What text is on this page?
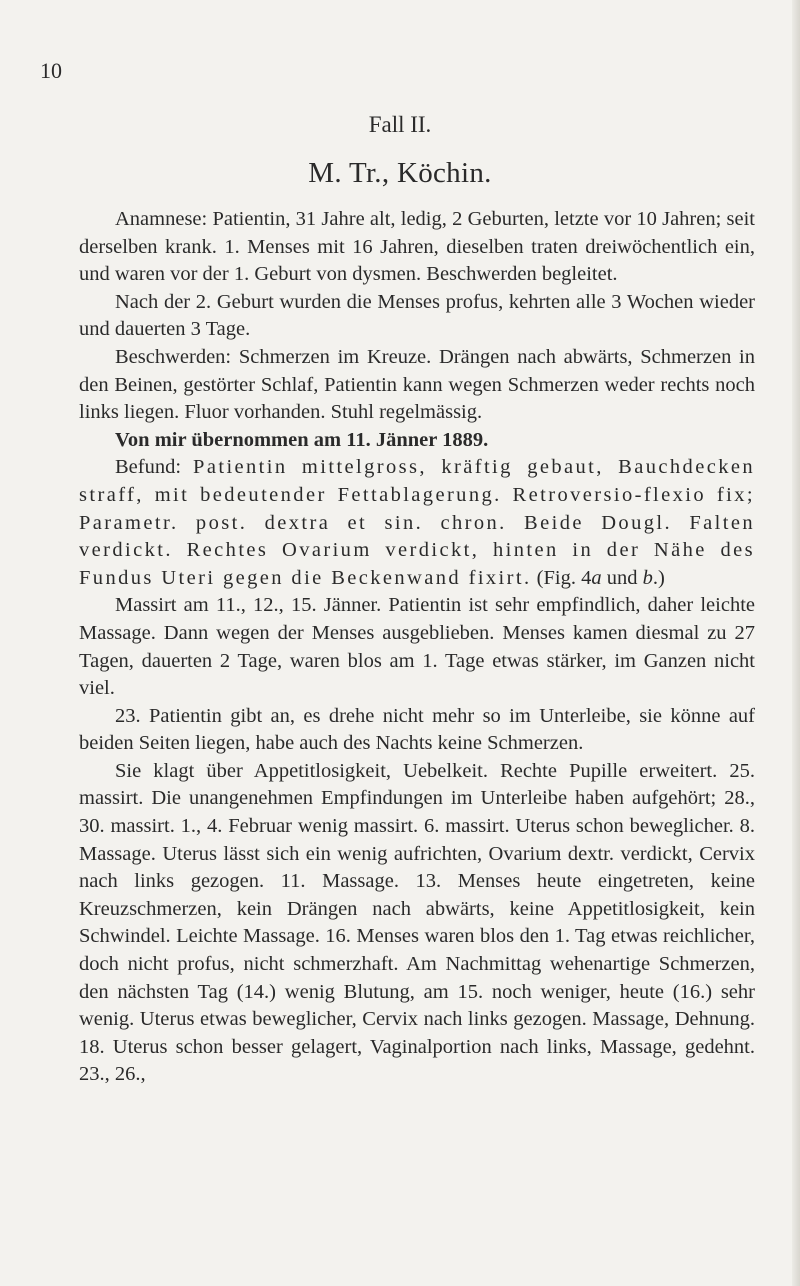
10
Fall II.
M. Tr., Köchin.

Anamnese: Patientin, 31 Jahre alt, ledig, 2 Geburten, letzte vor 10 Jahren; seit derselben krank. 1. Menses mit 16 Jahren, dieselben traten dreiwöchentlich ein, und waren vor der 1. Geburt von dysmen. Beschwerden begleitet.

Nach der 2. Geburt wurden die Menses profus, kehrten alle 3 Wochen wieder und dauerten 3 Tage.

Beschwerden: Schmerzen im Kreuze. Drängen nach abwärts, Schmerzen in den Beinen, gestörter Schlaf, Patientin kann wegen Schmerzen weder rechts noch links liegen. Fluor vorhanden. Stuhl regelmässig.

Von mir übernommen am 11. Jänner 1889.

Befund: Patientin mittelgross, kräftig gebaut, Bauchdecken straff, mit bedeutender Fettablagerung. Retroversio-flexio fix; Parametr. post. dextra et sin. chron. Beide Dougl. Falten verdickt. Rechtes Ovarium verdickt, hinten in der Nähe des Fundus Uteri gegen die Beckenwand fixirt. (Fig. 4a und b.)

Massirt am 11., 12., 15. Jänner. Patientin ist sehr empfindlich, daher leichte Massage. Dann wegen der Menses ausgeblieben. Menses kamen diesmal zu 27 Tagen, dauerten 2 Tage, waren blos am 1. Tage etwas stärker, im Ganzen nicht viel.

23. Patientin gibt an, es drehe nicht mehr so im Unterleibe, sie könne auf beiden Seiten liegen, habe auch des Nachts keine Schmerzen.

Sie klagt über Appetitlosigkeit, Uebelkeit. Rechte Pupille erweitert. 25. massirt. Die unangenehmen Empfindungen im Unterleibe haben aufgehört; 28., 30. massirt. 1., 4. Februar wenig massirt. 6. massirt. Uterus schon beweglicher. 8. Massage. Uterus lässt sich ein wenig aufrichten, Ovarium dextr. verdickt, Cervix nach links gezogen. 11. Massage. 13. Menses heute eingetreten, keine Kreuzschmerzen, kein Drängen nach abwärts, keine Appetitlosigkeit, kein Schwindel. Leichte Massage. 16. Menses waren blos den 1. Tag etwas reichlicher, doch nicht profus, nicht schmerzhaft. Am Nachmittag wehenartige Schmerzen, den nächsten Tag (14.) wenig Blutung, am 15. noch weniger, heute (16.) sehr wenig. Uterus etwas beweglicher, Cervix nach links gezogen. Massage, Dehnung. 18. Uterus schon besser gelagert, Vaginalportion nach links, Massage, gedehnt. 23., 26.,
